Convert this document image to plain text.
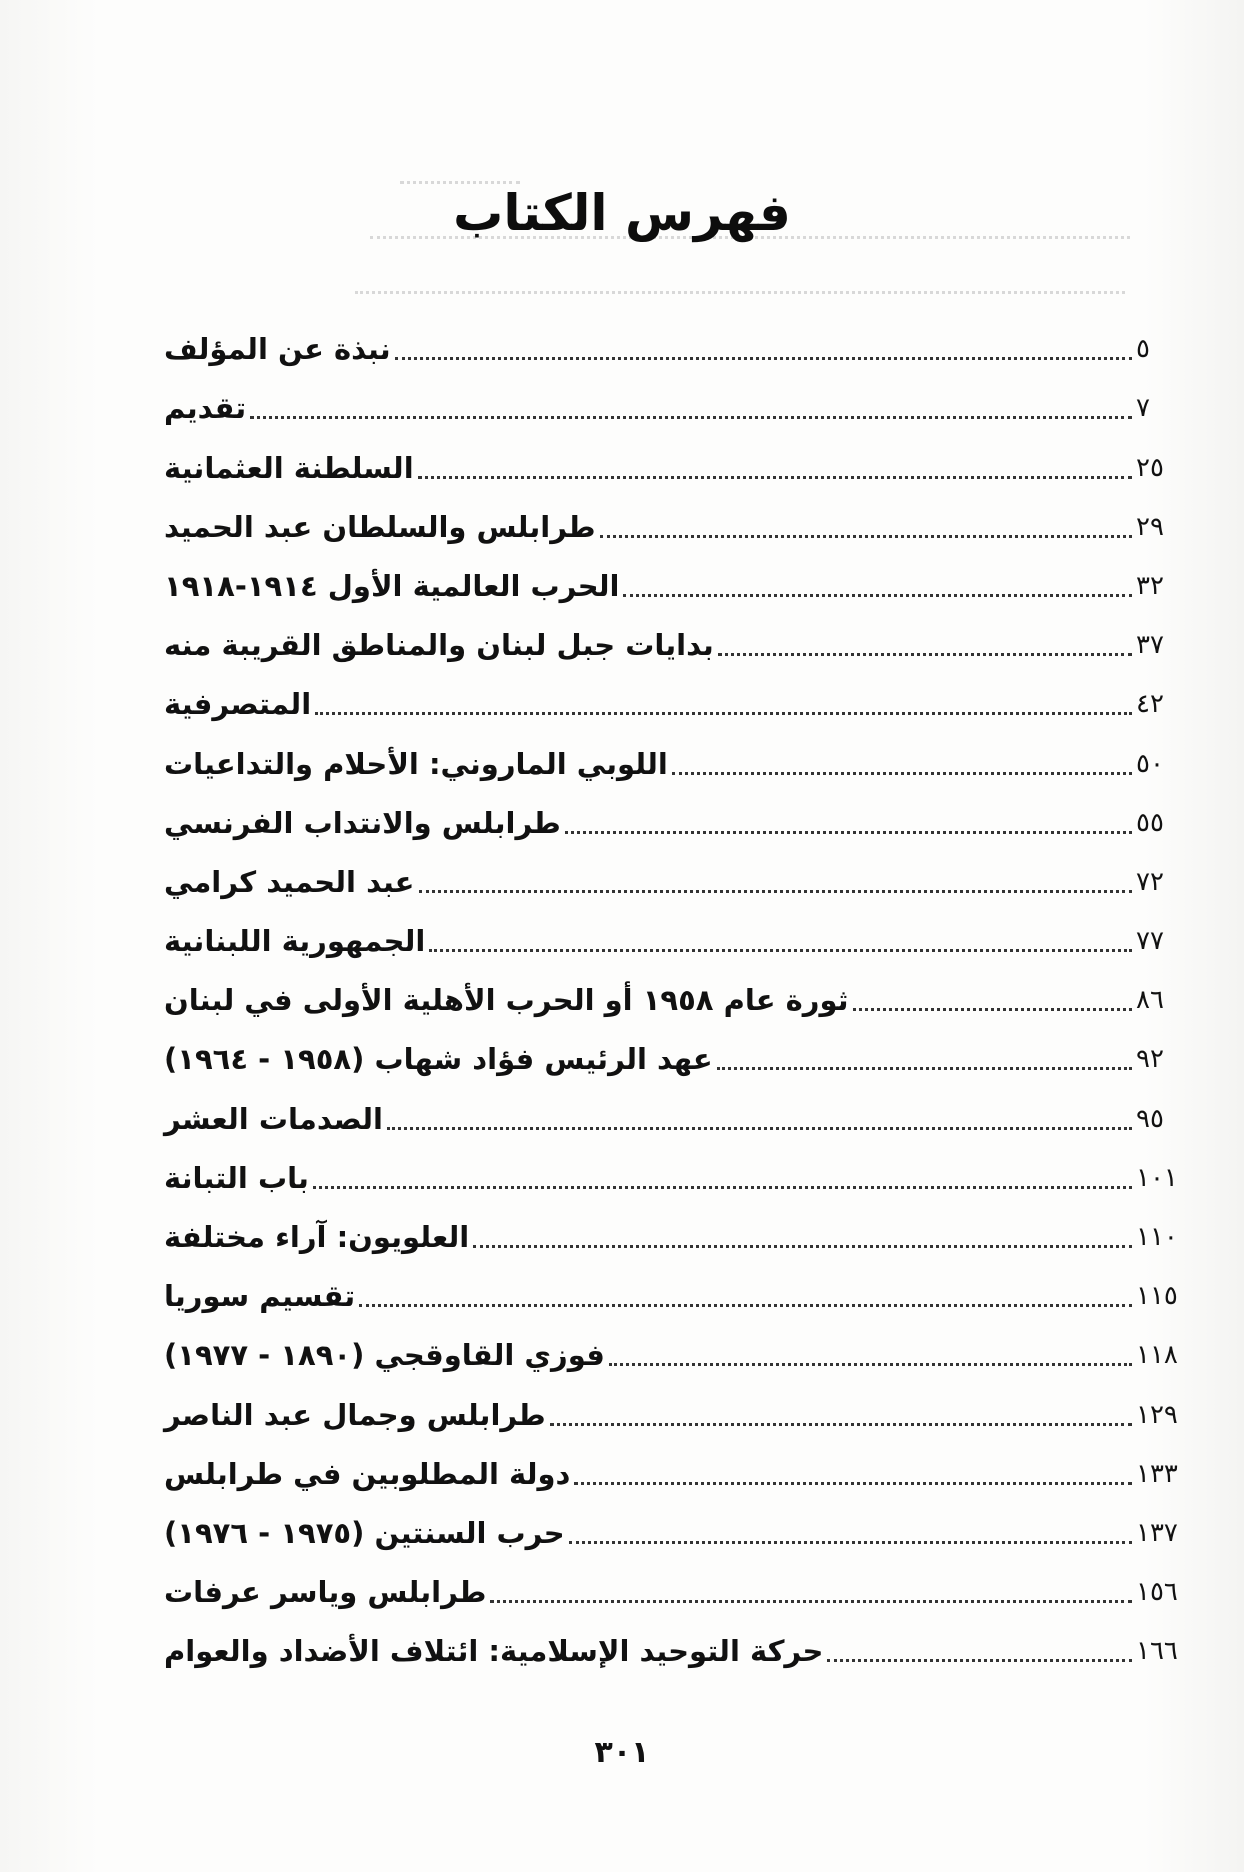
فهرس الكتاب
نبذة عن المؤلف	٥
تقديم	٧
السلطنة العثمانية	٢٥
طرابلس والسلطان عبد الحميد	٢٩
الحرب العالمية الأول ١٩١٤-١٩١٨	٣٢
بدايات جبل لبنان والمناطق القريبة منه	٣٧
المتصرفية	٤٢
اللوبي الماروني: الأحلام والتداعيات	٥٠
طرابلس والانتداب الفرنسي	٥٥
عبد الحميد كرامي	٧٢
الجمهورية اللبنانية	٧٧
ثورة عام ١٩٥٨ أو الحرب الأهلية الأولى في لبنان	٨٦
عهد الرئيس فؤاد شهاب (١٩٥٨ - ١٩٦٤)	٩٢
الصدمات العشر	٩٥
باب التبانة	١٠١
العلويون: آراء مختلفة	١١٠
تقسيم سوريا	١١٥
فوزي القاوقجي (١٨٩٠ - ١٩٧٧)	١١٨
طرابلس وجمال عبد الناصر	١٢٩
دولة المطلوبين في طرابلس	١٣٣
حرب السنتين (١٩٧٥ - ١٩٧٦)	١٣٧
طرابلس وياسر عرفات	١٥٦
حركة التوحيد الإسلامية: ائتلاف الأضداد والعوام	١٦٦
٣٠١
